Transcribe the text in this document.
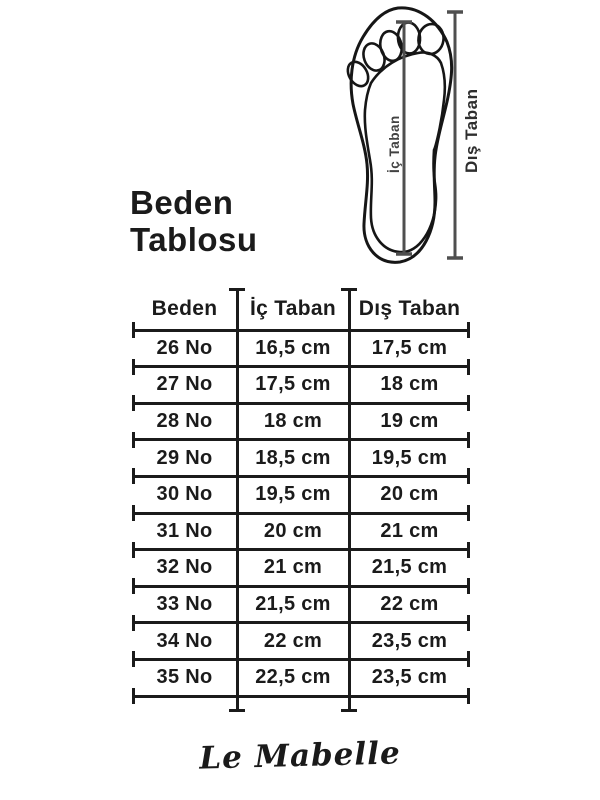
İç Taban	Dış Taban
Beden Tablosu
Beden	İç Taban	Dış Taban
26 No	16,5 cm	17,5 cm
27 No	17,5 cm	18 cm
28 No	18 cm	19 cm
29 No	18,5 cm	19,5 cm
30 No	19,5 cm	20 cm
31 No	20 cm	21 cm
32 No	21 cm	21,5 cm
33 No	21,5 cm	22 cm
34 No	22 cm	23,5 cm
35 No	22,5 cm	23,5 cm
Le Mabelle
